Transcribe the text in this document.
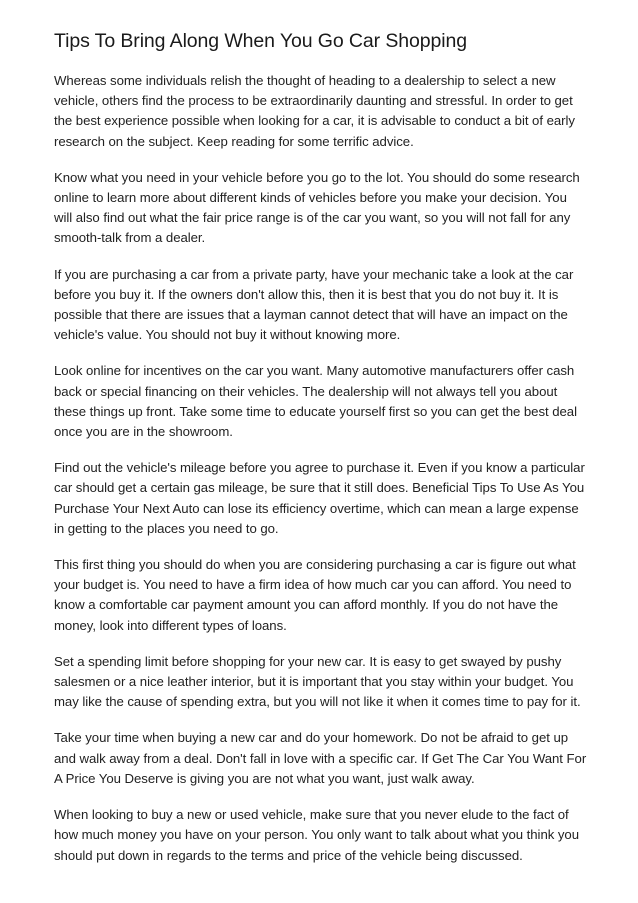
Tips To Bring Along When You Go Car Shopping

Whereas some individuals relish the thought of heading to a dealership to select a new vehicle, others find the process to be extraordinarily daunting and stressful. In order to get the best experience possible when looking for a car, it is advisable to conduct a bit of early research on the subject. Keep reading for some terrific advice.

Know what you need in your vehicle before you go to the lot. You should do some research online to learn more about different kinds of vehicles before you make your decision. You will also find out what the fair price range is of the car you want, so you will not fall for any smooth-talk from a dealer.

If you are purchasing a car from a private party, have your mechanic take a look at the car before you buy it. If the owners don't allow this, then it is best that you do not buy it. It is possible that there are issues that a layman cannot detect that will have an impact on the vehicle's value. You should not buy it without knowing more.

Look online for incentives on the car you want. Many automotive manufacturers offer cash back or special financing on their vehicles. The dealership will not always tell you about these things up front. Take some time to educate yourself first so you can get the best deal once you are in the showroom.

Find out the vehicle's mileage before you agree to purchase it. Even if you know a particular car should get a certain gas mileage, be sure that it still does. Beneficial Tips To Use As You Purchase Your Next Auto can lose its efficiency overtime, which can mean a large expense in getting to the places you need to go.

This first thing you should do when you are considering purchasing a car is figure out what your budget is. You need to have a firm idea of how much car you can afford. You need to know a comfortable car payment amount you can afford monthly. If you do not have the money, look into different types of loans.

Set a spending limit before shopping for your new car. It is easy to get swayed by pushy salesmen or a nice leather interior, but it is important that you stay within your budget. You may like the cause of spending extra, but you will not like it when it comes time to pay for it.

Take your time when buying a new car and do your homework. Do not be afraid to get up and walk away from a deal. Don't fall in love with a specific car. If Get The Car You Want For A Price You Deserve is giving you are not what you want, just walk away.

When looking to buy a new or used vehicle, make sure that you never elude to the fact of how much money you have on your person. You only want to talk about what you think you should put down in regards to the terms and price of the vehicle being discussed.
